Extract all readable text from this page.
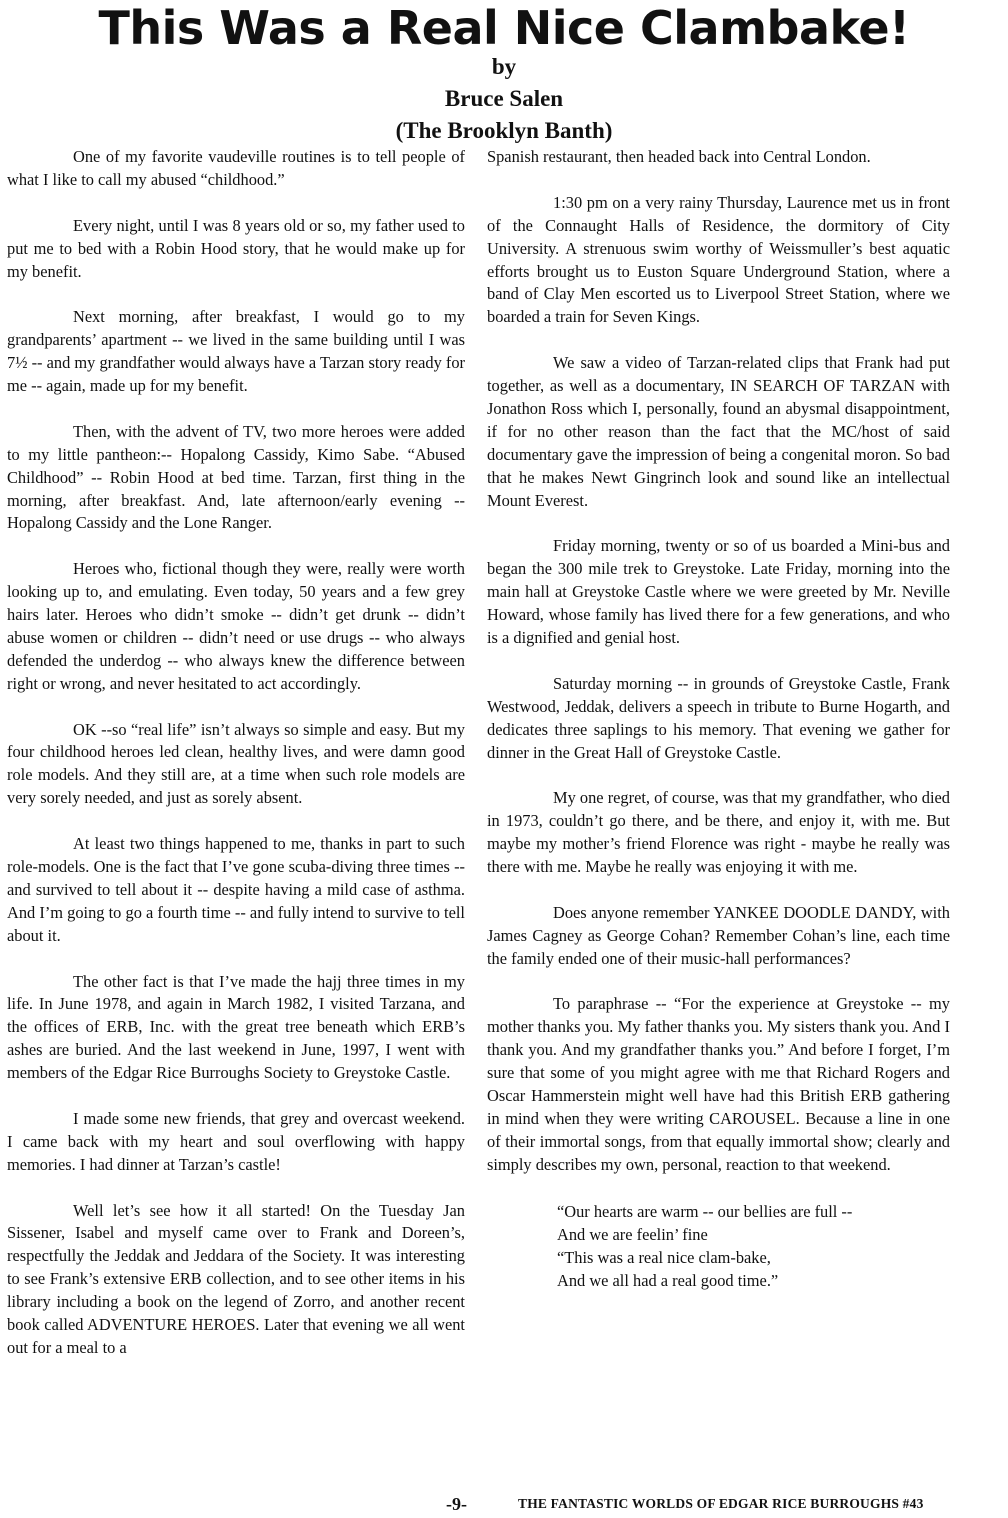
This Was a Real Nice Clambake!
by
Bruce Salen
(The Brooklyn Banth)

One of my favorite vaudeville routines is to tell people of what I like to call my abused “childhood.”

Every night, until I was 8 years old or so, my father used to put me to bed with a Robin Hood story, that he would make up for my benefit.

Next morning, after breakfast, I would go to my grandparents’ apartment -- we lived in the same building until I was 7½ -- and my grandfather would always have a Tarzan story ready for me -- again, made up for my benefit.

Then, with the advent of TV, two more heroes were added to my little pantheon:-- Hopalong Cassidy, Kimo Sabe. “Abused Childhood” -- Robin Hood at bed time. Tarzan, first thing in the morning, after breakfast. And, late afternoon/early evening -- Hopalong Cassidy and the Lone Ranger.

Heroes who, fictional though they were, really were worth looking up to, and emulating. Even today, 50 years and a few grey hairs later. Heroes who didn’t smoke -- didn’t get drunk -- didn’t abuse women or children -- didn’t need or use drugs -- who always defended the underdog -- who always knew the difference between right or wrong, and never hesitated to act accordingly.

OK --so “real life” isn’t always so simple and easy. But my four childhood heroes led clean, healthy lives, and were damn good role models. And they still are, at a time when such role models are very sorely needed, and just as sorely absent.

At least two things happened to me, thanks in part to such role-models. One is the fact that I’ve gone scuba-diving three times -- and survived to tell about it -- despite having a mild case of asthma. And I’m going to go a fourth time -- and fully intend to survive to tell about it.

The other fact is that I’ve made the hajj three times in my life. In June 1978, and again in March 1982, I visited Tarzana, and the offices of ERB, Inc. with the great tree beneath which ERB’s ashes are buried. And the last weekend in June, 1997, I went with members of the Edgar Rice Burroughs Society to Greystoke Castle.

I made some new friends, that grey and overcast weekend. I came back with my heart and soul overflowing with happy memories. I had dinner at Tarzan’s castle!

Well let’s see how it all started! On the Tuesday Jan Sissener, Isabel and myself came over to Frank and Doreen’s, respectfully the Jeddak and Jeddara of the Society. It was interesting to see Frank’s extensive ERB collection, and to see other items in his library including a book on the legend of Zorro, and another recent book called ADVENTURE HEROES. Later that evening we all went out for a meal to a

Spanish restaurant, then headed back into Central London.

1:30 pm on a very rainy Thursday, Laurence met us in front of the Connaught Halls of Residence, the dormitory of City University. A strenuous swim worthy of Weissmuller’s best aquatic efforts brought us to Euston Square Underground Station, where a band of Clay Men escorted us to Liverpool Street Station, where we boarded a train for Seven Kings.

We saw a video of Tarzan-related clips that Frank had put together, as well as a documentary, IN SEARCH OF TARZAN with Jonathon Ross which I, personally, found an abysmal disappointment, if for no other reason than the fact that the MC/host of said documentary gave the impression of being a congenital moron. So bad that he makes Newt Gingrinch look and sound like an intellectual Mount Everest.

Friday morning, twenty or so of us boarded a Mini-bus and began the 300 mile trek to Greystoke. Late Friday, morning into the main hall at Greystoke Castle where we were greeted by Mr. Neville Howard, whose family has lived there for a few generations, and who is a dignified and genial host.

Saturday morning -- in grounds of Greystoke Castle, Frank Westwood, Jeddak, delivers a speech in tribute to Burne Hogarth, and dedicates three saplings to his memory. That evening we gather for dinner in the Great Hall of Greystoke Castle.

My one regret, of course, was that my grandfather, who died in 1973, couldn’t go there, and be there, and enjoy it, with me. But maybe my mother’s friend Florence was right - maybe he really was there with me. Maybe he really was enjoying it with me.

Does anyone remember YANKEE DOODLE DANDY, with James Cagney as George Cohan? Remember Cohan’s line, each time the family ended one of their music-hall performances?

To paraphrase -- “For the experience at Greystoke -- my mother thanks you. My father thanks you. My sisters thank you. And I thank you. And my grandfather thanks you.” And before I forget, I’m sure that some of you might agree with me that Richard Rogers and Oscar Hammerstein might well have had this British ERB gathering in mind when they were writing CAROUSEL. Because a line in one of their immortal songs, from that equally immortal show; clearly and simply describes my own, personal, reaction to that weekend.

“Our hearts are warm -- our bellies are full --
And we are feelin’ fine
“This was a real nice clam-bake,
And we all had a real good time.”
-9-	THE FANTASTIC WORLDS OF EDGAR RICE BURROUGHS #43
